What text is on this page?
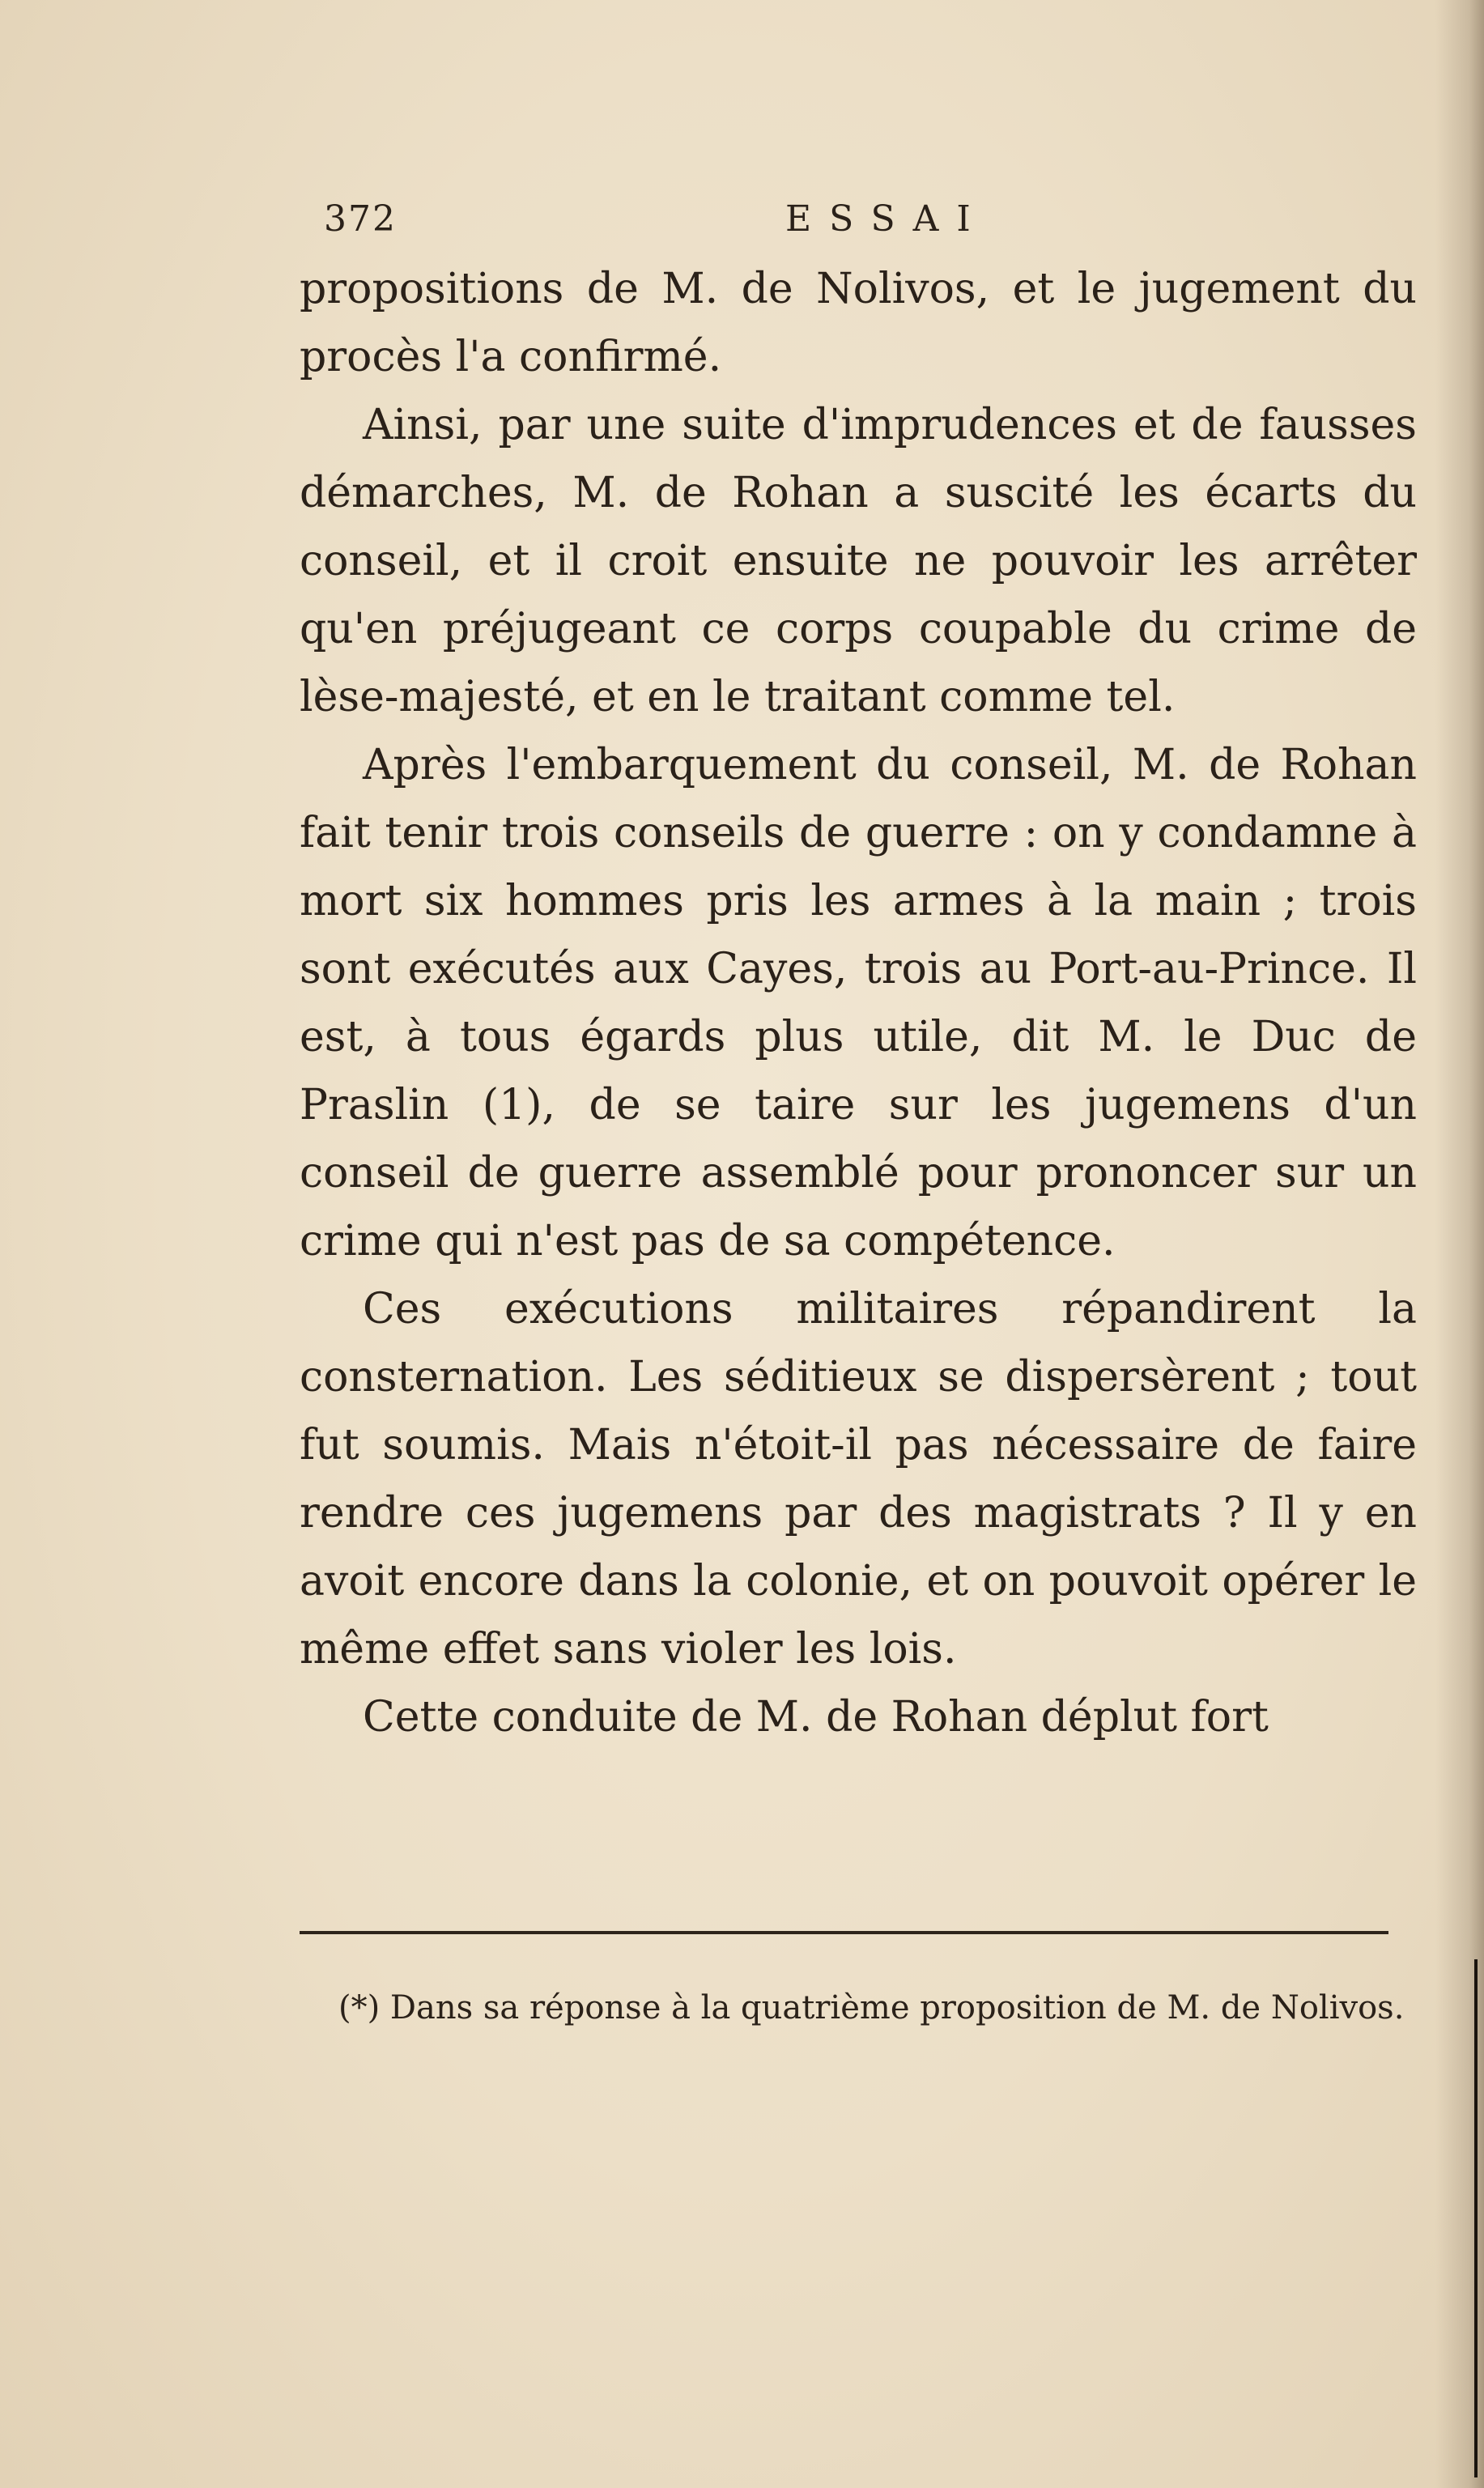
372	ESSAI

propositions de M. de Nolivos, et le jugement du procès l'a confirmé.

Ainsi, par une suite d'imprudences et de fausses démarches, M. de Rohan a suscité les écarts du conseil, et il croit ensuite ne pouvoir les arrêter qu'en préjugeant ce corps coupable du crime de lèse-majesté, et en le traitant comme tel.

Après l'embarquement du conseil, M. de Rohan fait tenir trois conseils de guerre : on y condamne à mort six hommes pris les armes à la main ; trois sont exécutés aux Cayes, trois au Port-au-Prince. Il est, à tous égards plus utile, dit M. le Duc de Praslin (1), de se taire sur les jugemens d'un conseil de guerre assemblé pour prononcer sur un crime qui n'est pas de sa compétence.

Ces exécutions militaires répandirent la consternation. Les séditieux se dispersèrent ; tout fut soumis. Mais n'étoit-il pas nécessaire de faire rendre ces jugemens par des magistrats ? Il y en avoit encore dans la colonie, et on pouvoit opérer le même effet sans violer les lois.

Cette conduite de M. de Rohan déplut fort

(*) Dans sa réponse à la quatrième proposition de M. de Nolivos.
